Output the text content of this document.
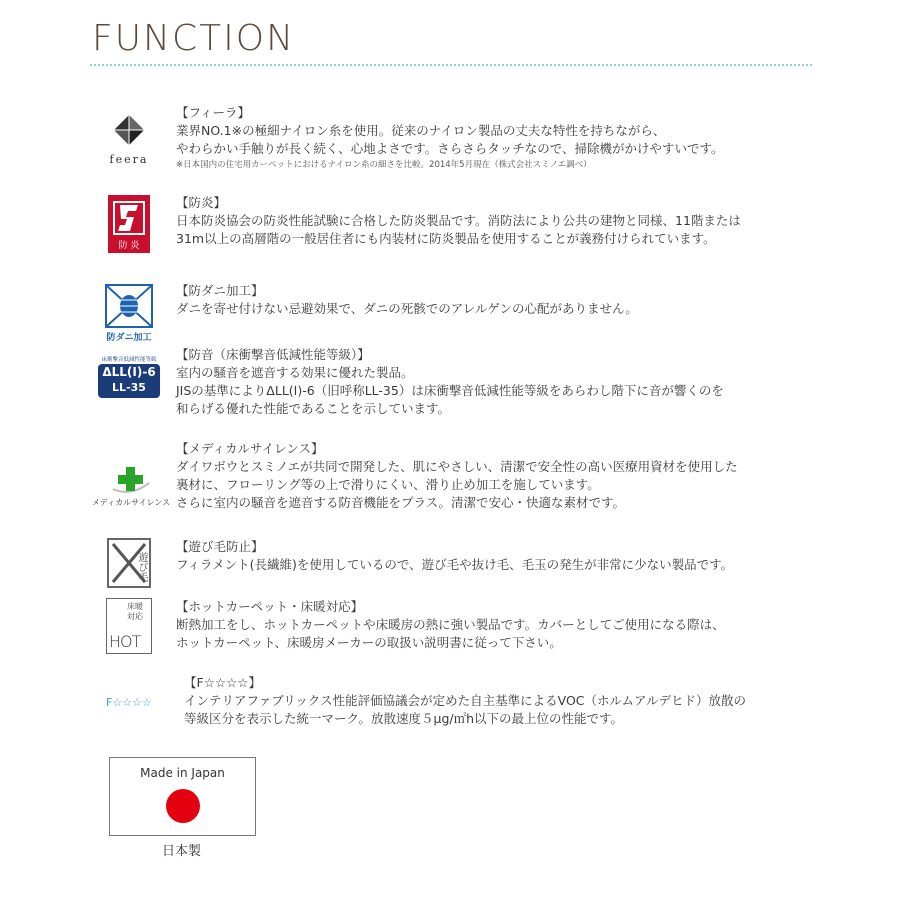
FUNCTION
feera
【フィーラ】
業界NO.1※の極細ナイロン糸を使用。従来のナイロン製品の丈夫な特性を持ちながら、
やわらかい手触りが長く続く、心地よさです。さらさらタッチなので、掃除機がかけやすいです。
※日本国内の住宅用カーペットにおけるナイロン糸の細さを比較。2014年5月現在（株式会社スミノエ調べ）
防 炎
【防炎】
日本防炎協会の防炎性能試験に合格した防炎製品です。消防法により公共の建物と同様、11階または
31m以上の高層階の一般居住者にも内装材に防炎製品を使用することが義務付けられています。
防ダニ加工
【防ダニ加工】
ダニを寄せ付けない忌避効果で、ダニの死骸でのアレルゲンの心配がありません。
床衝撃音低減性能等級
ΔLL(I)-6
LL-35
【防音（床衝撃音低減性能等級）】
室内の騒音を遮音する効果に優れた製品。
JISの基準によりΔLL(Ⅰ)-6（旧呼称LL-35）は床衝撃音低減性能等級をあらわし階下に音が響くのを
和らげる優れた性能であることを示しています。
メディカルサイレンス
【メディカルサイレンス】
ダイワボウとスミノエが共同で開発した、肌にやさしい、清潔で安全性の高い医療用資材を使用した
裏材に、フローリング等の上で滑りにくい、滑り止め加工を施しています。
さらに室内の騒音を遮音する防音機能をプラス。清潔で安心・快適な素材です。
遊び毛
【遊び毛防止】
フィラメント(長繊維)を使用しているので、遊び毛や抜け毛、毛玉の発生が非常に少ない製品です。
床暖 対応
HOT
【ホットカーペット・床暖対応】
断熱加工をし、ホットカーペットや床暖房の熱に強い製品です。カバーとしてご使用になる際は、
ホットカーペット、床暖房メーカーの取扱い説明書に従って下さい。
F☆☆☆☆
【F☆☆☆☆】
インテリアファブリックス性能評価協議会が定めた自主基準によるVOC（ホルムアルデヒド）放散の
等級区分を表示した統一マーク。放散速度５μg/㎡h以下の最上位の性能です。
Made in Japan
日本製
